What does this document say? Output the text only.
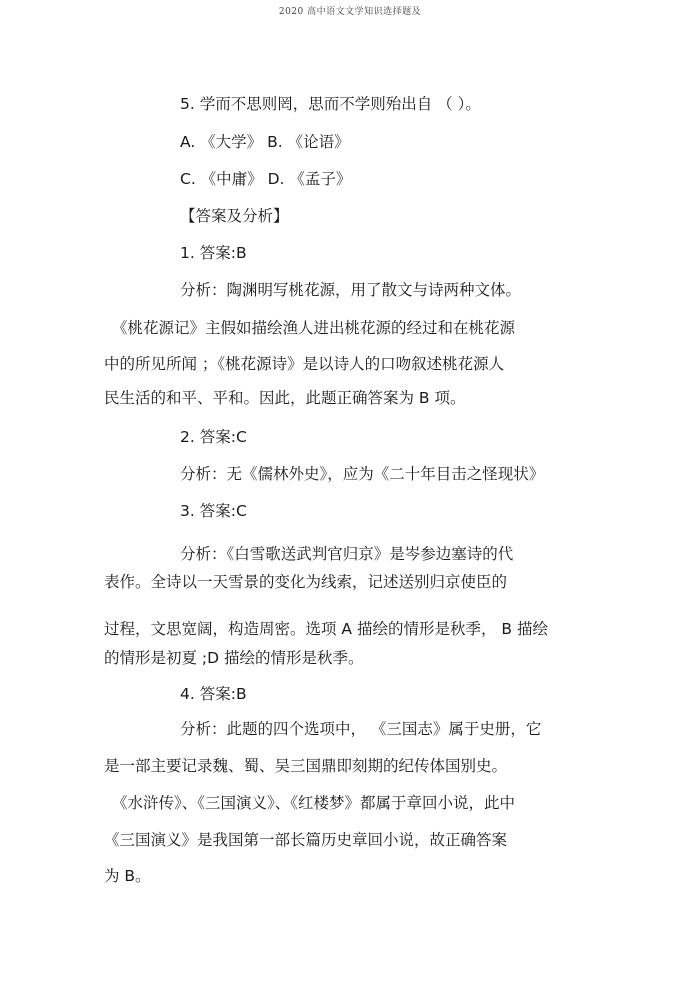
2020 高中语文文学知识选择题及
5. 学而不思则罔，思而不学则殆出自 （ ）。
A. 《大学》 B. 《论语》
C. 《中庸》 D. 《孟子》
【答案及分析】
1. 答案:B
分析：陶渊明写桃花源，用了散文与诗两种文体。
《桃花源记》主假如描绘渔人进出桃花源的经过和在桃花源
中的所见所闻 ；《桃花源诗》是以诗人的口吻叙述桃花源人
民生活的和平、平和。因此，此题正确答案为 B 项。
2. 答案:C
分析：无《儒林外史》，应为《二十年目击之怪现状》
3. 答案:C
分析：《白雪歌送武判官归京》是岑参边塞诗的代
表作。全诗以一天雪景的变化为线索，记述送别归京使臣的
过程，文思宽阔，构造周密。选项 A 描绘的情形是秋季， B 描绘
的情形是初夏 ;D 描绘的情形是秋季。
4. 答案:B
分析：此题的四个选项中， 《三国志》属于史册，它
是一部主要记录魏、蜀、吴三国鼎即刻期的纪传体国别史。
《水浒传》、《三国演义》、《红楼梦》都属于章回小说，此中
《三国演义》是我国第一部长篇历史章回小说，故正确答案
为 B。
